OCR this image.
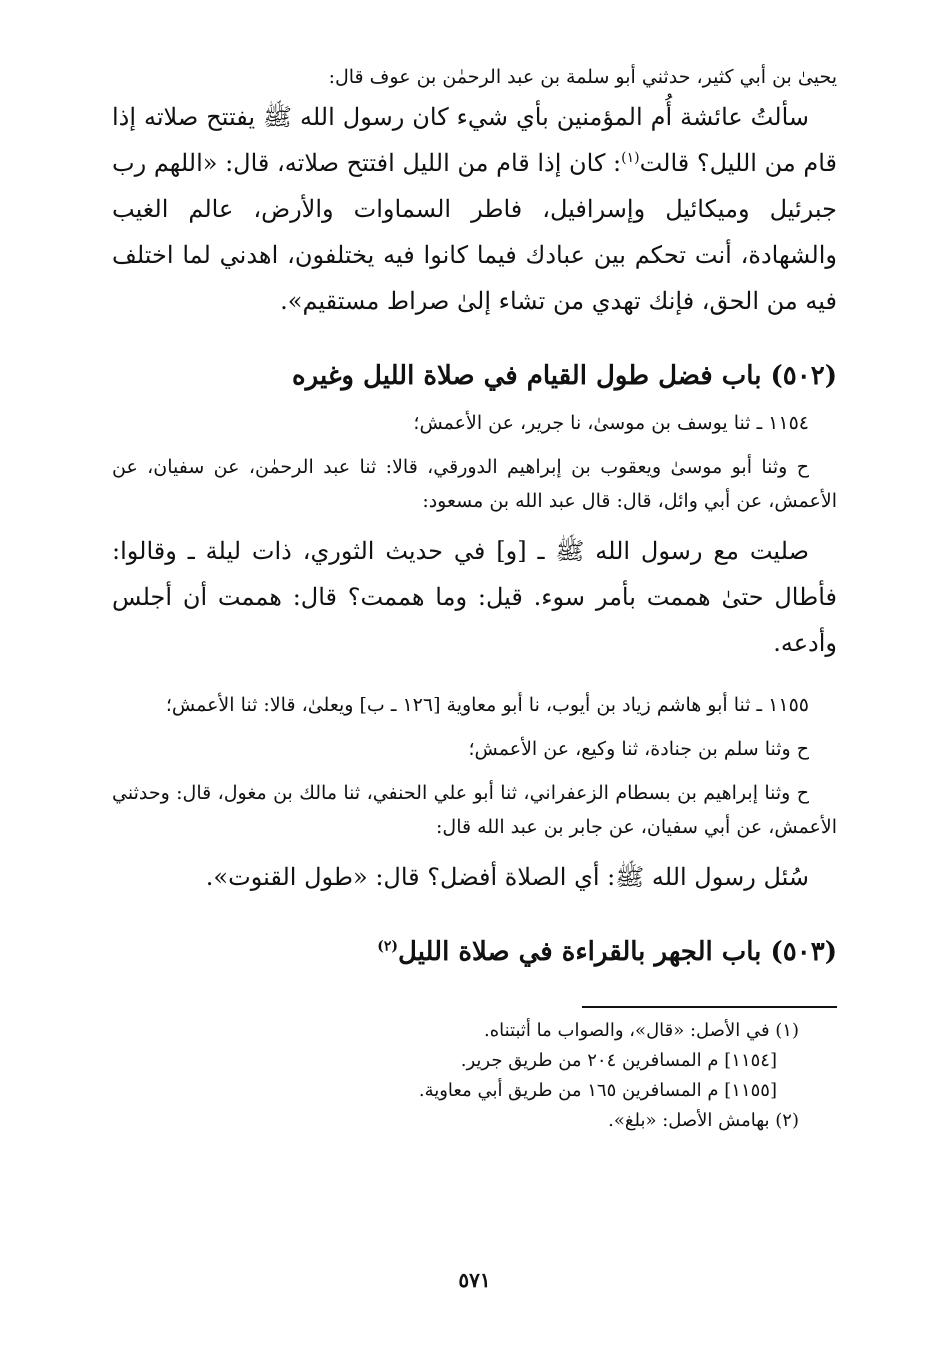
يحيىٰ بن أبي كثير، حدثني أبو سلمة بن عبد الرحمٰن بن عوف قال:

سألتُ عائشة أُم المؤمنين بأي شيء كان رسول الله ﷺ يفتتح صلاته إذا قام من الليل؟ قالت$^{(١)}$: كان إذا قام من الليل افتتح صلاته، قال: «اللهم رب جبرئيل وميكائيل وإسرافيل، فاطر السماوات والأرض، عالم الغيب والشهادة، أنت تحكم بين عبادك فيما كانوا فيه يختلفون، اهدني لما اختلف فيه من الحق، فإنك تهدي من تشاء إلىٰ صراط مستقيم».

(٥٠٢) باب فضل طول القيام في صلاة الليل وغيره

١١٥٤ ـ ثنا يوسف بن موسىٰ، نا جرير، عن الأعمش؛

ح وثنا أبو موسىٰ ويعقوب بن إبراهيم الدورقي، قالا: ثنا عبد الرحمٰن، عن سفيان، عن الأعمش، عن أبي وائل، قال: قال عبد الله بن مسعود:

صليت مع رسول الله ﷺ ـ [و] في حديث الثوري، ذات ليلة ـ وقالوا: فأطال حتىٰ هممت بأمر سوء. قيل: وما هممت؟ قال: هممت أن أجلس وأدعه.

١١٥٥ ـ ثنا أبو هاشم زياد بن أيوب، نا أبو معاوية [١٢٦ ـ ب] ويعلىٰ، قالا: ثنا الأعمش؛

ح وثنا سلم بن جنادة، ثنا وكيع، عن الأعمش؛

ح وثنا إبراهيم بن بسطام الزعفراني، ثنا أبو علي الحنفي، ثنا مالك بن مغول، قال: وحدثني الأعمش، عن أبي سفيان، عن جابر بن عبد الله قال:

سُئل رسول الله ﷺ: أي الصلاة أفضل؟ قال: «طول القنوت».

(٥٠٣) باب الجهر بالقراءة في صلاة الليل$^{(٢)}$

(١) في الأصل: «قال»، والصواب ما أثبتناه.

[١١٥٤] م المسافرين ٢٠٤ من طريق جرير.

[١١٥٥] م المسافرين ١٦٥ من طريق أبي معاوية.

(٢) بهامش الأصل: «بلغ».

٥٧١
